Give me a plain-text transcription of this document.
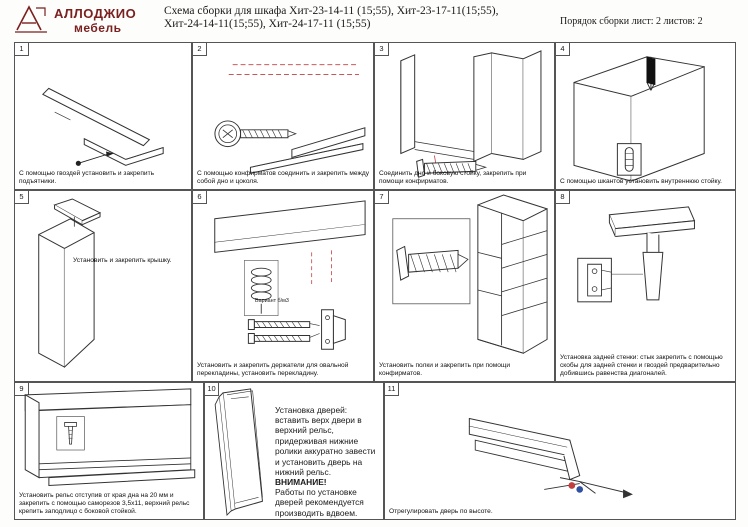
АЛЛОДЖИО
мебель
Схема сборки для шкафа Хит-23-14-11 (15;55), Хит-23-17-11(15;55),
Хит-24-14-11(15;55), Хит-24-17-11 (15;55)	Порядок сборки лист: 2 листов: 2
1
С помощью гвоздей установить и закрепить подъятники.
2
С помощью конфирматов соединить и закрепить между собой дно и цоколя.
3
Соединить дно и боковую стойку, закрепить при помощи конфирматов.
4
С помощью шкантов установить внутреннюю стойку.
5
Установить и закрепить крышку.
6
Вариант б/м3
Установить и закрепить держатели для овальной перекладины, установить перекладину.
7
Установить полки и закрепить при помощи конфирматов.
8
Установка задней стенки: стык закрепить с помощью скобы для задней стенки и гвоздей предварительно добившись равенства диагоналей.
9
Установить рельс отступив от края дна на 20 мм и закрепить с помощью саморезов 3,5х11, верхний рельс крепить заподлицо с боковой стойкой.
10
Установка дверей:
вставить верх двери в верхний рельс, придерживая нижние ролики аккуратно завести и установить дверь на нижний рельс.
ВНИМАНИЕ!
Работы по установке дверей рекомендуется производить вдвоем.
11
Отрегулировать дверь по высоте.
